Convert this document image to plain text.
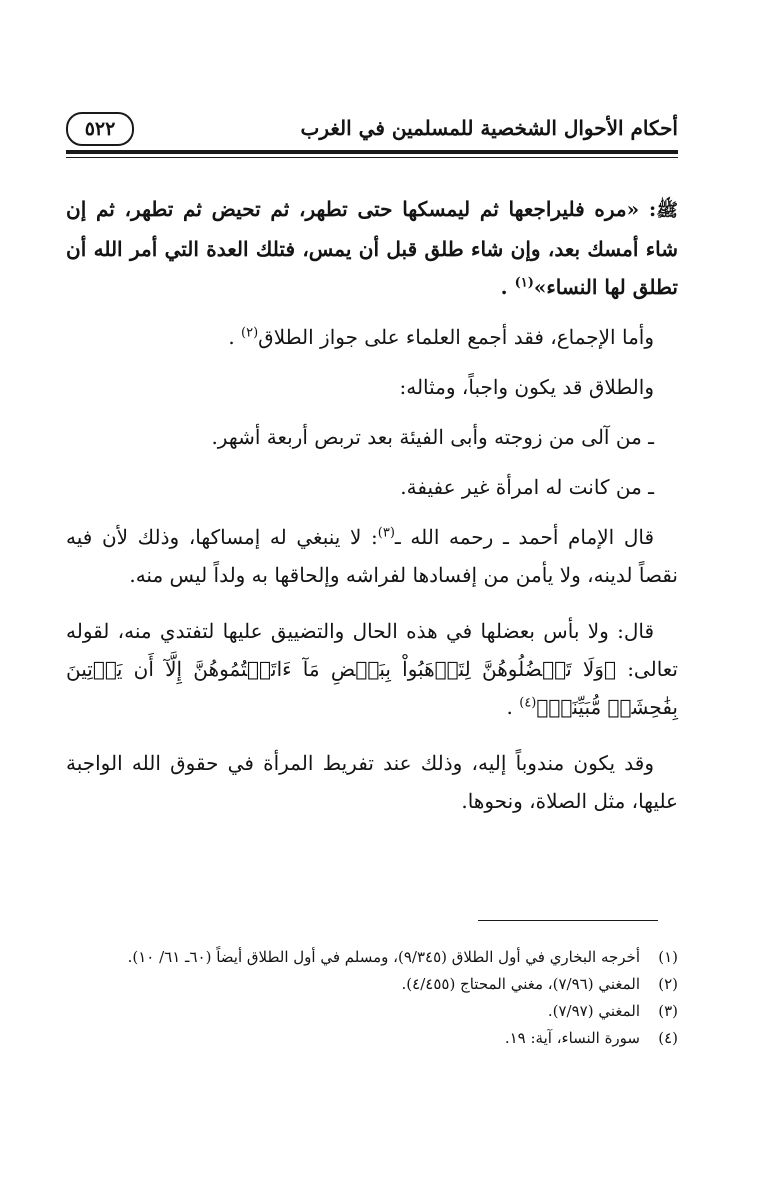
أحكام الأحوال الشخصية للمسلمين في الغرب
٥٢٢

ﷺ: «مره فليراجعها ثم ليمسكها حتى تطهر، ثم تحيض ثم تطهر، ثم إن شاء أمسك بعد، وإن شاء طلق قبل أن يمس، فتلك العدة التي أمر الله أن تطلق لها النساء»$^{(١)}$ .

وأما الإجماع، فقد أجمع العلماء على جواز الطلاق$^{(٢)}$ .

والطلاق قد يكون واجباً، ومثاله:

ـ من آلى من زوجته وأبى الفيئة بعد تربص أربعة أشهر.

ـ من كانت له امرأة غير عفيفة.

قال الإمام أحمد ـ رحمه الله ـ$^{(٣)}$: لا ينبغي له إمساكها، وذلك لأن فيه نقصاً لدينه، ولا يأمن من إفسادها لفراشه وإلحاقها به ولداً ليس منه.

قال: ولا بأس بعضلها في هذه الحال والتضييق عليها لتفتدي منه، لقوله تعالى: ﴿وَلَا تَعۡضُلُوهُنَّ لِتَذۡهَبُواْ بِبَعۡضِ مَآ ءَاتَيۡتُمُوهُنَّ إِلَّآ أَن يَأۡتِينَ بِفَٰحِشَةٖ مُّبَيِّنَةٖ﴾$^{(٤)}$ .

وقد يكون مندوباً إليه، وذلك عند تفريط المرأة في حقوق الله الواجبة عليها، مثل الصلاة، ونحوها.

(١)
أخرجه البخاري في أول الطلاق (٩/٣٤٥)، ومسلم في أول الطلاق أيضاً (٦٠ـ ٦١/ ١٠).
(٢)
المغني (٧/٩٦)، مغني المحتاج (٤/٤٥٥).
(٣)
المغني (٧/٩٧).
(٤)
سورة النساء، آية: ١٩.
